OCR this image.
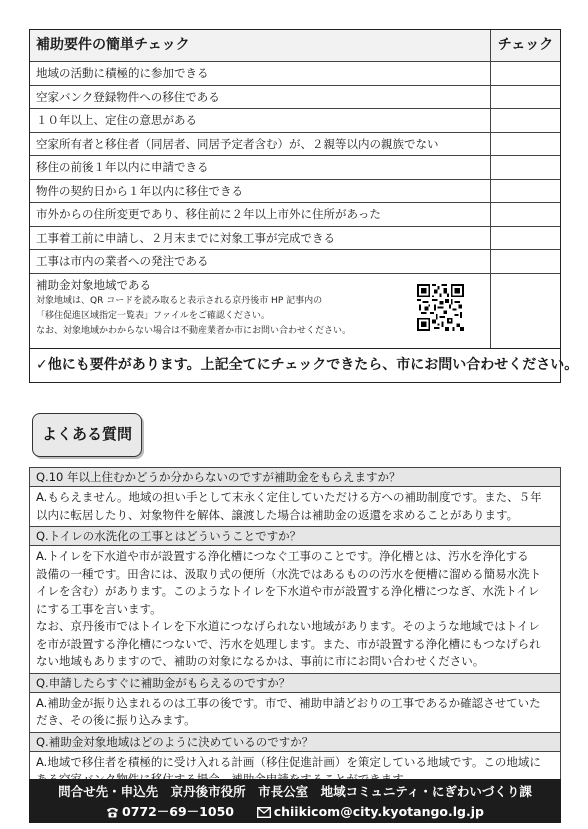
補助要件の簡単チェック	チェック
地域の活動に積極的に参加できる
空家バンク登録物件への移住である
１０年以上、定住の意思がある
空家所有者と移住者（同居者、同居予定者含む）が、２親等以内の親族でない
移住の前後１年以内に申請できる
物件の契約日から１年以内に移住できる
市外からの住所変更であり、移住前に２年以上市外に住所があった
工事着工前に申請し、２月末までに対象工事が完成できる
工事は市内の業者への発注である
補助金対象地域である
対象地域は、QR コードを読み取ると表示される京丹後市 HP 記事内の
「移住促進区域指定一覧表」ファイルをご確認ください。
なお、対象地域かわからない場合は不動産業者か市にお問い合わせください。
✓他にも要件があります。上記全てにチェックできたら、市にお問い合わせください。
よくある質問
Q.10 年以上住むかどうか分からないのですが補助金をもらえますか？

A.もらえません。地域の担い手として末永く定住していただける方への補助制度です。また、５年

以内に転居したり、対象物件を解体、譲渡した場合は補助金の返還を求めることがあります。

Q.トイレの水洗化の工事とはどういうことですか？

A.トイレを下水道や市が設置する浄化槽につなぐ工事のことです。浄化槽とは、汚水を浄化する

設備の一種です。田舎には、汲取り式の便所（水洗ではあるものの汚水を便槽に溜める簡易水洗ト

イレを含む）があります。このようなトイレを下水道や市が設置する浄化槽につなぎ、水洗トイレ

にする工事を言います。

なお、京丹後市ではトイレを下水道につなげられない地域があります。そのような地域ではトイレ

を市が設置する浄化槽につないで、汚水を処理します。また、市が設置する浄化槽にもつなげられ

ない地域もありますので、補助の対象になるかは、事前に市にお問い合わせください。

Q.申請したらすぐに補助金がもらえるのですか？

A.補助金が振り込まれるのは工事の後です。市で、補助申請どおりの工事であるか確認させていた

だき、その後に振り込みます。

Q.補助金対象地域はどのように決めているのですか？

A.地域で移住者を積極的に受け入れる計画（移住促進計画）を策定している地域です。この地域に

問合せ先・申込先　京丹後市役所　市長公室　地域コミュニティ・にぎわいづくり課
0772－69－1050	chiikicom@city.kyotango.lg.jp
